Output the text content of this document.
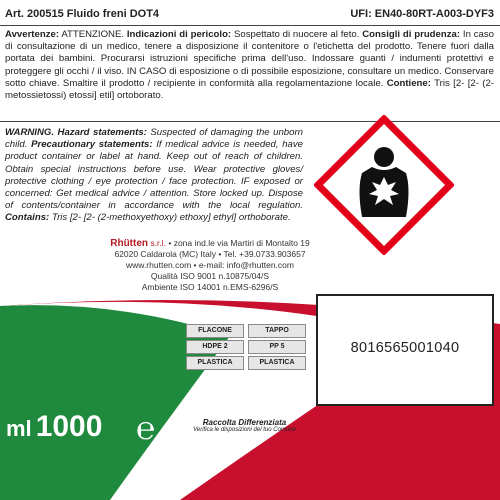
Art. 200515 Fluido freni DOT4	UFI: EN40-80RT-A003-DYF3
Avvertenze: ATTENZIONE. Indicazioni di pericolo: Sospettato di nuocere al feto. Consigli di prudenza: In caso di consultazione di un medico, tenere a disposizione il contenitore o l'etichetta del prodotto. Tenere fuori dalla portata dei bambini. Procurarsi istruzioni specifiche prima dell'uso. Indossare guanti / indumenti protettivi e proteggere gli occhi / il viso. IN CASO di esposizione o di possibile esposizione, consultare un medico. Conservare sotto chiave. Smaltire il prodotto / recipiente in conformità alla regolamentazione locale. Contiene: Tris [2- [2- (2-metossietossi) etossi] etil] ortoborato.
WARNING. Hazard statements: Suspected of damaging the unborn child. Precautionary statements: If medical advice is needed, have product container or label at hand. Keep out of reach of children. Obtain special instructions before use. Wear protective gloves/ protective clothing / eye protection / face protection. IF exposed or concerned: Get medical advice / attention. Store locked up. Dispose of contents/container in accordance with the local regulation. Contains: Tris [2- [2- (2-methoxyethoxy) ethoxy] ethyl] orthoborate.
Rhütten s.r.l. • zona ind.le via Martiri di Montalto 19
62020 Caldarola (MC) Italy • Tel. +39.0733.903657
www.rhutten.com • e-mail: info@rhutten.com
Qualità ISO 9001 n.10875/04/S
Ambiente ISO 14001 n.EMS-6296/S
ml 1000 ℮
FLACONE
HDPE 2
PLASTICA
TAPPO
PP 5
PLASTICA
Raccolta Differenziata
Verifica le disposizioni del tuo Comune
8016565001040
